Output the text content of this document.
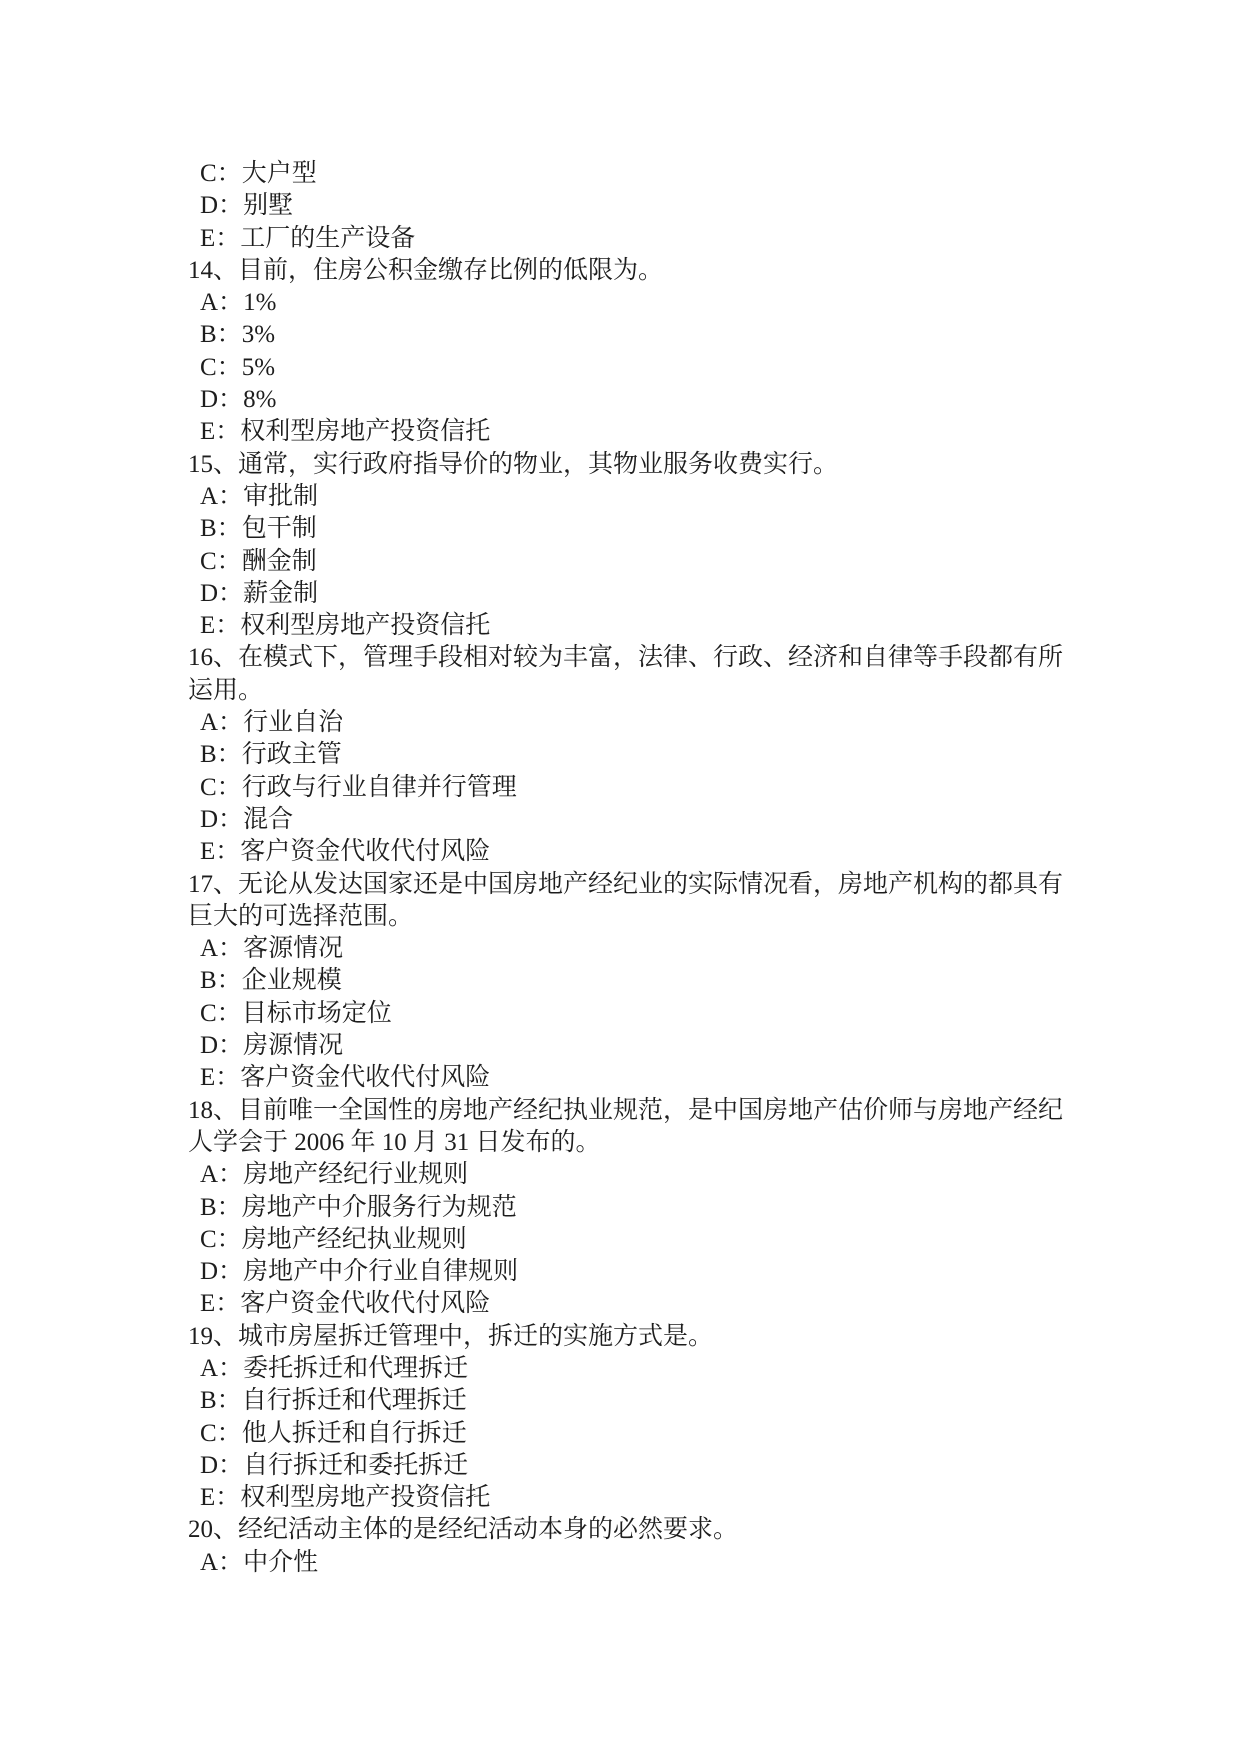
C：大户型

D：别墅

E：工厂的生产设备

14、目前，住房公积金缴存比例的低限为。

A：1%

B：3%

C：5%

D：8%

E：权利型房地产投资信托

15、通常，实行政府指导价的物业，其物业服务收费实行。

A：审批制

B：包干制

C：酬金制

D：薪金制

E：权利型房地产投资信托

16、在模式下，管理手段相对较为丰富，法律、行政、经济和自律等手段都有所运用。

A：行业自治

B：行政主管

C：行政与行业自律并行管理

D：混合

E：客户资金代收代付风险

17、无论从发达国家还是中国房地产经纪业的实际情况看，房地产机构的都具有巨大的可选择范围。

A：客源情况

B：企业规模

C：目标市场定位

D：房源情况

E：客户资金代收代付风险

18、目前唯一全国性的房地产经纪执业规范，是中国房地产估价师与房地产经纪人学会于 2006 年 10 月 31 日发布的。

A：房地产经纪行业规则

B：房地产中介服务行为规范

C：房地产经纪执业规则

D：房地产中介行业自律规则

E：客户资金代收代付风险

19、城市房屋拆迁管理中，拆迁的实施方式是。

A：委托拆迁和代理拆迁

B：自行拆迁和代理拆迁

C：他人拆迁和自行拆迁

D：自行拆迁和委托拆迁

E：权利型房地产投资信托

20、经纪活动主体的是经纪活动本身的必然要求。

A：中介性
